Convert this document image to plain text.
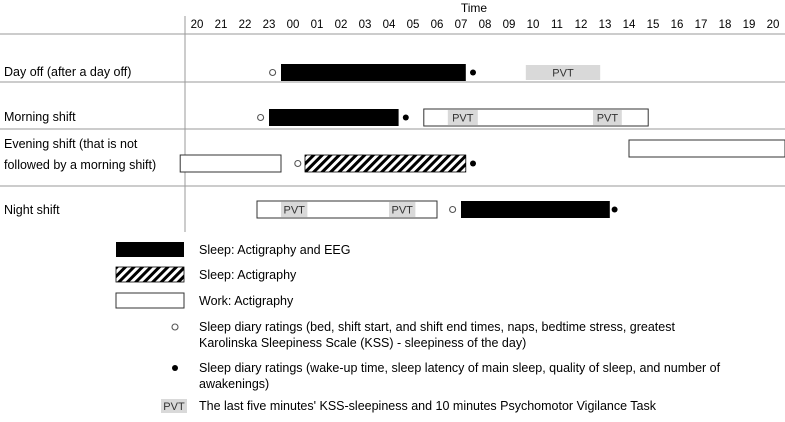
Time
20 21 22 23 00 01 02 03 04 05 06 07 08 09 10 11 12 13 14 15 16 17 18 19 20
Day off (after a day off)
Morning shift
Evening shift (that is not
followed by a morning shift)
Night shift
PVT
PVT	PVT
PVT	PVT
Sleep: Actigraphy and EEG
Sleep: Actigraphy
Work: Actigraphy
Sleep diary ratings (bed, shift start, and shift end times, naps, bedtime stress, greatest
Karolinska Sleepiness Scale (KSS) - sleepiness of the day)
Sleep diary ratings (wake-up time, sleep latency of main sleep, quality of sleep, and number of
awakenings)
PVT The last five minutes' KSS-sleepiness and 10 minutes Psychomotor Vigilance Task
